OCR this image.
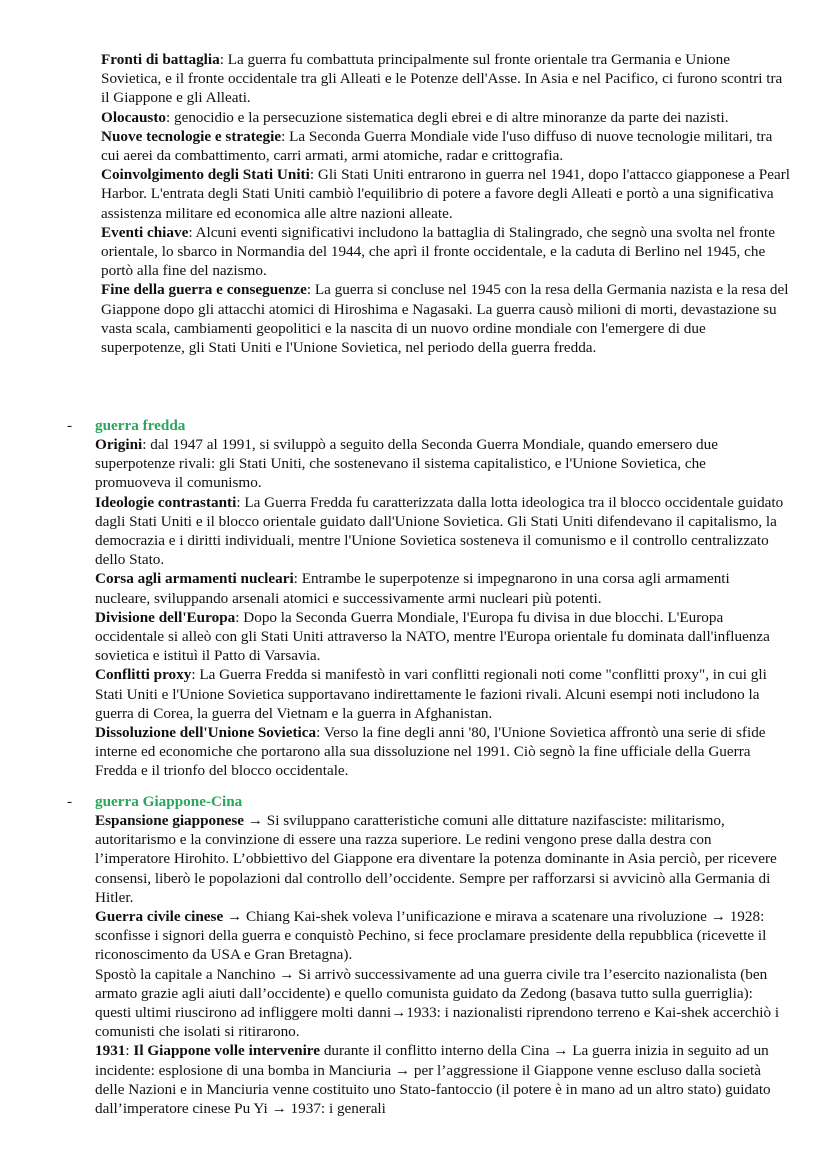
Fronti di battaglia: La guerra fu combattuta principalmente sul fronte orientale tra Germania e Unione Sovietica, e il fronte occidentale tra gli Alleati e le Potenze dell'Asse. In Asia e nel Pacifico, ci furono scontri tra il Giappone e gli Alleati.

Olocausto: genocidio e la persecuzione sistematica degli ebrei e di altre minoranze da parte dei nazisti.

Nuove tecnologie e strategie: La Seconda Guerra Mondiale vide l'uso diffuso di nuove tecnologie militari, tra cui aerei da combattimento, carri armati, armi atomiche, radar e crittografia.

Coinvolgimento degli Stati Uniti: Gli Stati Uniti entrarono in guerra nel 1941, dopo l'attacco giapponese a Pearl Harbor. L'entrata degli Stati Uniti cambiò l'equilibrio di potere a favore degli Alleati e portò a una significativa assistenza militare ed economica alle altre nazioni alleate.

Eventi chiave: Alcuni eventi significativi includono la battaglia di Stalingrado, che segnò una svolta nel fronte orientale, lo sbarco in Normandia del 1944, che aprì il fronte occidentale, e la caduta di Berlino nel 1945, che portò alla fine del nazismo.

Fine della guerra e conseguenze: La guerra si concluse nel 1945 con la resa della Germania nazista e la resa del Giappone dopo gli attacchi atomici di Hiroshima e Nagasaki. La guerra causò milioni di morti, devastazione su vasta scala, cambiamenti geopolitici e la nascita di un nuovo ordine mondiale con l'emergere di due superpotenze, gli Stati Uniti e l'Unione Sovietica, nel periodo della guerra fredda.

- guerra fredda

Origini: dal 1947 al 1991, si sviluppò a seguito della Seconda Guerra Mondiale, quando emersero due superpotenze rivali: gli Stati Uniti, che sostenevano il sistema capitalistico, e l'Unione Sovietica, che promuoveva il comunismo.

Ideologie contrastanti: La Guerra Fredda fu caratterizzata dalla lotta ideologica tra il blocco occidentale guidato dagli Stati Uniti e il blocco orientale guidato dall'Unione Sovietica. Gli Stati Uniti difendevano il capitalismo, la democrazia e i diritti individuali, mentre l'Unione Sovietica sosteneva il comunismo e il controllo centralizzato dello Stato.

Corsa agli armamenti nucleari: Entrambe le superpotenze si impegnarono in una corsa agli armamenti nucleare, sviluppando arsenali atomici e successivamente armi nucleari più potenti.

Divisione dell'Europa: Dopo la Seconda Guerra Mondiale, l'Europa fu divisa in due blocchi. L'Europa occidentale si alleò con gli Stati Uniti attraverso la NATO, mentre l'Europa orientale fu dominata dall'influenza sovietica e istituì il Patto di Varsavia.

Conflitti proxy: La Guerra Fredda si manifestò in vari conflitti regionali noti come "conflitti proxy", in cui gli Stati Uniti e l'Unione Sovietica supportavano indirettamente le fazioni rivali. Alcuni esempi noti includono la guerra di Corea, la guerra del Vietnam e la guerra in Afghanistan.

Dissoluzione dell'Unione Sovietica: Verso la fine degli anni '80, l'Unione Sovietica affrontò una serie di sfide interne ed economiche che portarono alla sua dissoluzione nel 1991. Ciò segnò la fine ufficiale della Guerra Fredda e il trionfo del blocco occidentale.

- guerra Giappone-Cina

Espansione giapponese → Si sviluppano caratteristiche comuni alle dittature nazifasciste: militarismo, autoritarismo e la convinzione di essere una razza superiore. Le redini vengono prese dalla destra con l’imperatore Hirohito. L’obbiettivo del Giappone era diventare la potenza dominante in Asia perciò, per ricevere consensi, liberò le popolazioni dal controllo dell’occidente. Sempre per rafforzarsi si avvicinò alla Germania di Hitler.

Guerra civile cinese → Chiang Kai-shek voleva l’unificazione e mirava a scatenare una rivoluzione → 1928: sconfisse i signori della guerra e conquistò Pechino, si fece proclamare presidente della repubblica (ricevette il riconoscimento da USA e Gran Bretagna).

Spostò la capitale a Nanchino → Si arrivò successivamente ad una guerra civile tra l’esercito nazionalista (ben armato grazie agli aiuti dall’occidente) e quello comunista guidato da Zedong (basava tutto sulla guerriglia): questi ultimi riuscirono ad infliggere molti danni→1933: i nazionalisti riprendono terreno e Kai-shek accerchiò i comunisti che isolati si ritirarono.

1931: Il Giappone volle intervenire durante il conflitto interno della Cina → La guerra inizia in seguito ad un incidente: esplosione di una bomba in Manciuria → per l’aggressione il Giappone venne escluso dalla società delle Nazioni e in Manciuria venne costituito uno Stato-fantoccio (il potere è in mano ad un altro stato) guidato dall’imperatore cinese Pu Yi → 1937: i generali
